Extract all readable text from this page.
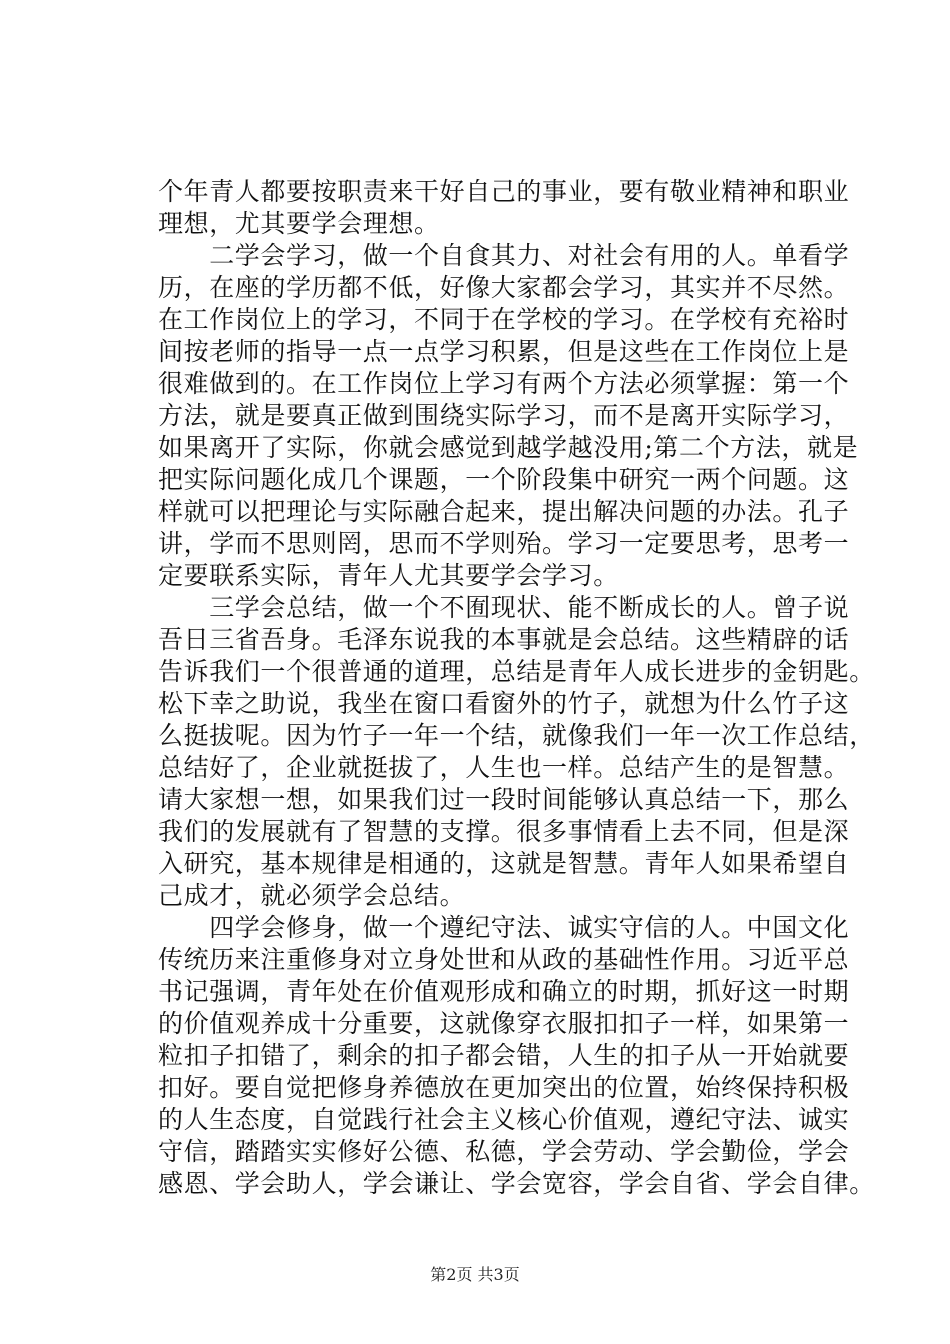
个年青人都要按职责来干好自己的事业，要有敬业精神和职业
理想，尤其要学会理想。
　　二学会学习，做一个自食其力、对社会有用的人。单看学
历，在座的学历都不低，好像大家都会学习，其实并不尽然。
在工作岗位上的学习，不同于在学校的学习。在学校有充裕时
间按老师的指导一点一点学习积累，但是这些在工作岗位上是
很难做到的。在工作岗位上学习有两个方法必须掌握：第一个
方法，就是要真正做到围绕实际学习，而不是离开实际学习，
如果离开了实际，你就会感觉到越学越没用;第二个方法，就是
把实际问题化成几个课题，一个阶段集中研究一两个问题。这
样就可以把理论与实际融合起来，提出解决问题的办法。孔子
讲，学而不思则罔，思而不学则殆。学习一定要思考，思考一
定要联系实际，青年人尤其要学会学习。
　　三学会总结，做一个不囿现状、能不断成长的人。曾子说
吾日三省吾身。毛泽东说我的本事就是会总结。这些精辟的话
告诉我们一个很普通的道理，总结是青年人成长进步的金钥匙。
松下幸之助说，我坐在窗口看窗外的竹子，就想为什么竹子这
么挺拔呢。因为竹子一年一个结，就像我们一年一次工作总结，
总结好了，企业就挺拔了，人生也一样。总结产生的是智慧。
请大家想一想，如果我们过一段时间能够认真总结一下，那么
我们的发展就有了智慧的支撑。很多事情看上去不同，但是深
入研究，基本规律是相通的，这就是智慧。青年人如果希望自
己成才，就必须学会总结。
　　四学会修身，做一个遵纪守法、诚实守信的人。中国文化
传统历来注重修身对立身处世和从政的基础性作用。习近平总
书记强调，青年处在价值观形成和确立的时期，抓好这一时期
的价值观养成十分重要，这就像穿衣服扣扣子一样，如果第一
粒扣子扣错了，剩余的扣子都会错，人生的扣子从一开始就要
扣好。要自觉把修身养德放在更加突出的位置，始终保持积极
的人生态度，自觉践行社会主义核心价值观，遵纪守法、诚实
守信，踏踏实实修好公德、私德，学会劳动、学会勤俭，学会
感恩、学会助人，学会谦让、学会宽容，学会自省、学会自律。
第2页 共3页
